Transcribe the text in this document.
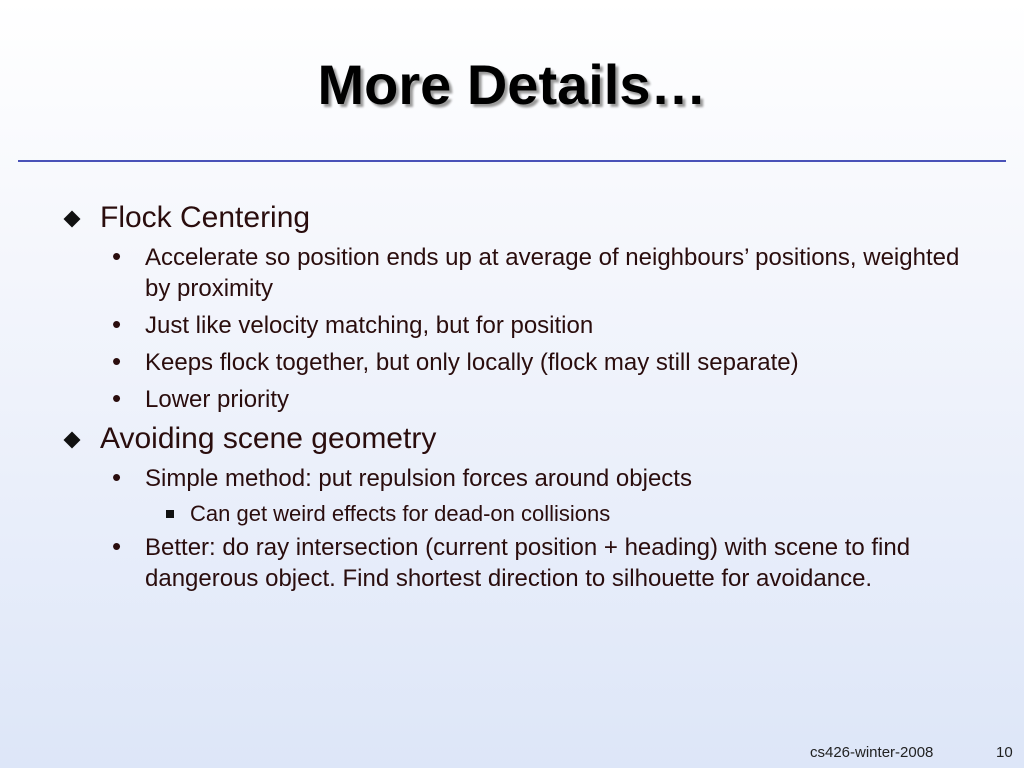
More Details…
Flock Centering
• Accelerate so position ends up at average of neighbours’ positions, weighted by proximity
• Just like velocity matching, but for position
• Keeps flock together, but only locally (flock may still separate)
• Lower priority
Avoiding scene geometry
• Simple method: put repulsion forces around objects
Can get weird effects for dead-on collisions
• Better: do ray intersection (current position + heading) with scene to find dangerous object. Find shortest direction to silhouette for avoidance.
cs426-winter-2008	10
